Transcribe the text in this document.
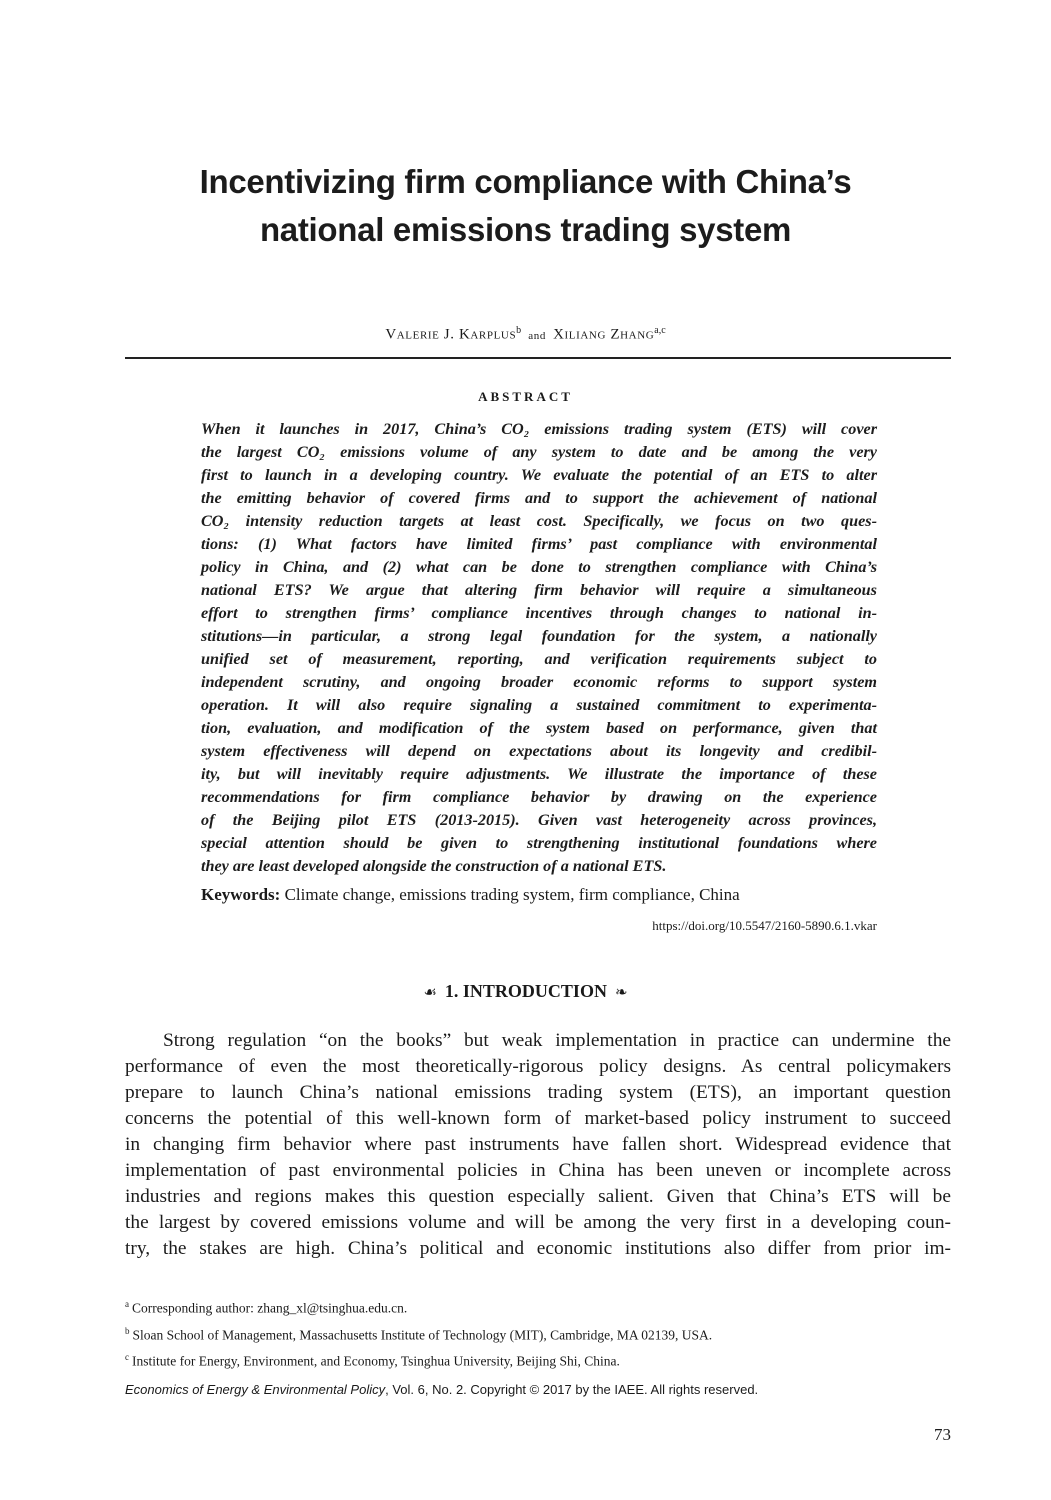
Incentivizing firm compliance with China’s
national emissions trading system
Valerie J. Karplus$^b$ and Xiliang Zhang$^{a,c}$
ABSTRACT
When it launches in 2017, China’s CO₂ emissions trading system (ETS) will cover
the largest CO₂ emissions volume of any system to date and be among the very
first to launch in a developing country. We evaluate the potential of an ETS to alter
the emitting behavior of covered firms and to support the achievement of national
CO₂ intensity reduction targets at least cost. Specifically, we focus on two ques-
tions: (1) What factors have limited firms’ past compliance with environmental
policy in China, and (2) what can be done to strengthen compliance with China’s
national ETS? We argue that altering firm behavior will require a simultaneous
effort to strengthen firms’ compliance incentives through changes to national in-
stitutions—in particular, a strong legal foundation for the system, a nationally
unified set of measurement, reporting, and verification requirements subject to
independent scrutiny, and ongoing broader economic reforms to support system
operation. It will also require signaling a sustained commitment to experimenta-
tion, evaluation, and modification of the system based on performance, given that
system effectiveness will depend on expectations about its longevity and credibil-
ity, but will inevitably require adjustments. We illustrate the importance of these
recommendations for firm compliance behavior by drawing on the experience
of the Beijing pilot ETS (2013-2015). Given vast heterogeneity across provinces,
special attention should be given to strengthening institutional foundations where
they are least developed alongside the construction of a national ETS.
Keywords: Climate change, emissions trading system, firm compliance, China
https://doi.org/10.5547/2160-5890.6.1.vkar
☙ 1. INTRODUCTION ❧
Strong regulation “on the books” but weak implementation in practice can undermine the
performance of even the most theoretically-rigorous policy designs. As central policymakers
prepare to launch China’s national emissions trading system (ETS), an important question
concerns the potential of this well-known form of market-based policy instrument to succeed
in changing firm behavior where past instruments have fallen short. Widespread evidence that
implementation of past environmental policies in China has been uneven or incomplete across
industries and regions makes this question especially salient. Given that China’s ETS will be
the largest by covered emissions volume and will be among the very first in a developing coun-
try, the stakes are high. China’s political and economic institutions also differ from prior im-
$^a$ Corresponding author: zhang_xl@tsinghua.edu.cn.
$^b$ Sloan School of Management, Massachusetts Institute of Technology (MIT), Cambridge, MA 02139, USA.
$^c$ Institute for Energy, Environment, and Economy, Tsinghua University, Beijing Shi, China.
Economics of Energy & Environmental Policy, Vol. 6, No. 2. Copyright © 2017 by the IAEE. All rights reserved.
73
